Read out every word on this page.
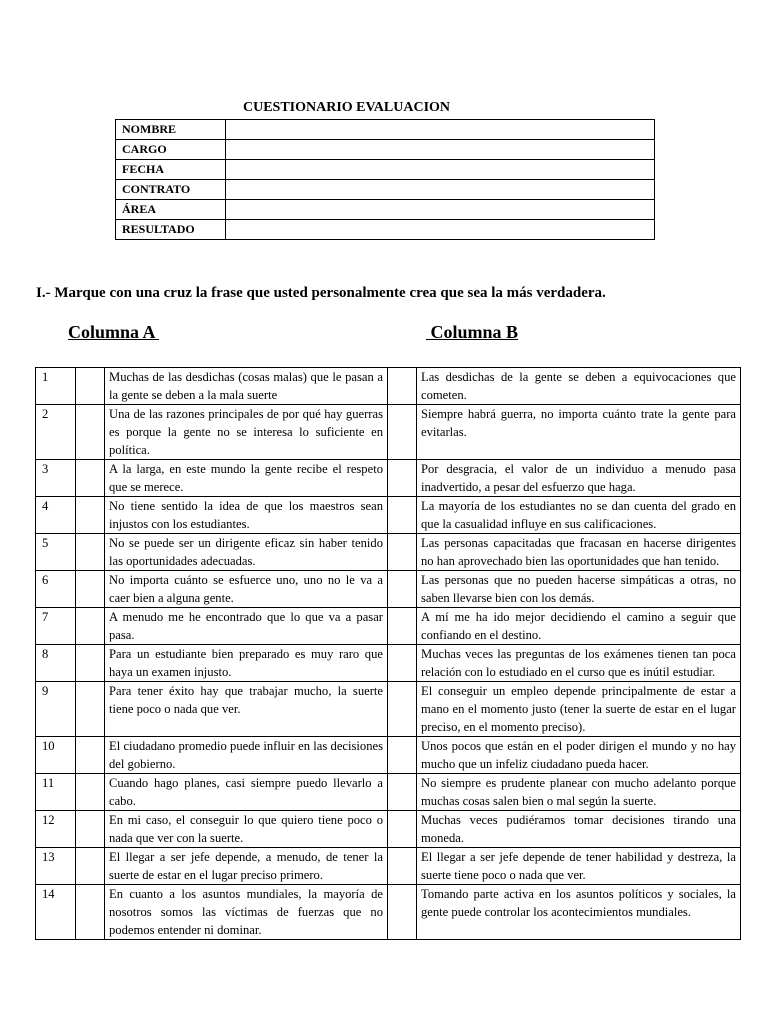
CUESTIONARIO EVALUACION
NOMBRE	
CARGO	
FECHA	
CONTRATO	
ÁREA	
RESULTADO	
I.- Marque con una cruz la frase que usted personalmente crea que sea la más verdadera.
Columna A	Columna B
1		Muchas de las desdichas (cosas malas) que le pasan a la gente se deben a la mala suerte		Las desdichas de la gente se deben a equivocaciones que cometen.
2		Una de las razones principales de por qué hay guerras es porque la gente no se interesa lo suficiente en política.		Siempre habrá guerra, no importa cuánto trate la gente para evitarlas.
3		A la larga, en este mundo la gente recibe el respeto que se merece.		Por desgracia, el valor de un individuo a menudo pasa inadvertido, a pesar del esfuerzo que haga.
4		No tiene sentido la idea de que los maestros sean injustos con los estudiantes.		La mayoría de los estudiantes no se dan cuenta del grado en que la casualidad influye en sus calificaciones.
5		No se puede ser un dirigente eficaz sin haber tenido las oportunidades adecuadas.		Las personas capacitadas que fracasan en hacerse dirigentes no han aprovechado bien las oportunidades que han tenido.
6		No importa cuánto se esfuerce uno, uno no le va a caer bien a alguna gente.		Las personas que no pueden hacerse simpáticas a otras, no saben llevarse bien con los demás.
7		A menudo me he encontrado que lo que va a pasar pasa.		A mí me ha ido mejor decidiendo el camino a seguir que confiando en el destino.
8		Para un estudiante bien preparado es muy raro que haya un examen injusto.		Muchas veces las preguntas de los exámenes tienen tan poca relación con lo estudiado en el curso que es inútil estudiar.
9		Para tener éxito hay que trabajar mucho, la suerte tiene poco o nada que ver.		El conseguir un empleo depende principalmente de estar a mano en el momento justo (tener la suerte de estar en el lugar preciso, en el momento preciso).
10		El ciudadano promedio puede influir en las decisiones del gobierno.		Unos pocos que están en el poder dirigen el mundo y no hay mucho que un infeliz ciudadano pueda hacer.
11		Cuando hago planes, casi siempre puedo llevarlo a cabo.		No siempre es prudente planear con mucho adelanto porque muchas cosas salen bien o mal según la suerte.
12		En mi caso, el conseguir lo que quiero tiene poco o nada que ver con la suerte.		Muchas veces pudiéramos tomar decisiones tirando una moneda.
13		El llegar a ser jefe depende, a menudo, de tener la suerte de estar en el lugar preciso primero.		El llegar a ser jefe depende de tener habilidad y destreza, la suerte tiene poco o nada que ver.
14		En cuanto a los asuntos mundiales, la mayoría de nosotros somos las víctimas de fuerzas que no podemos entender ni dominar.		Tomando parte activa en los asuntos políticos y sociales, la gente puede controlar los acontecimientos mundiales.
